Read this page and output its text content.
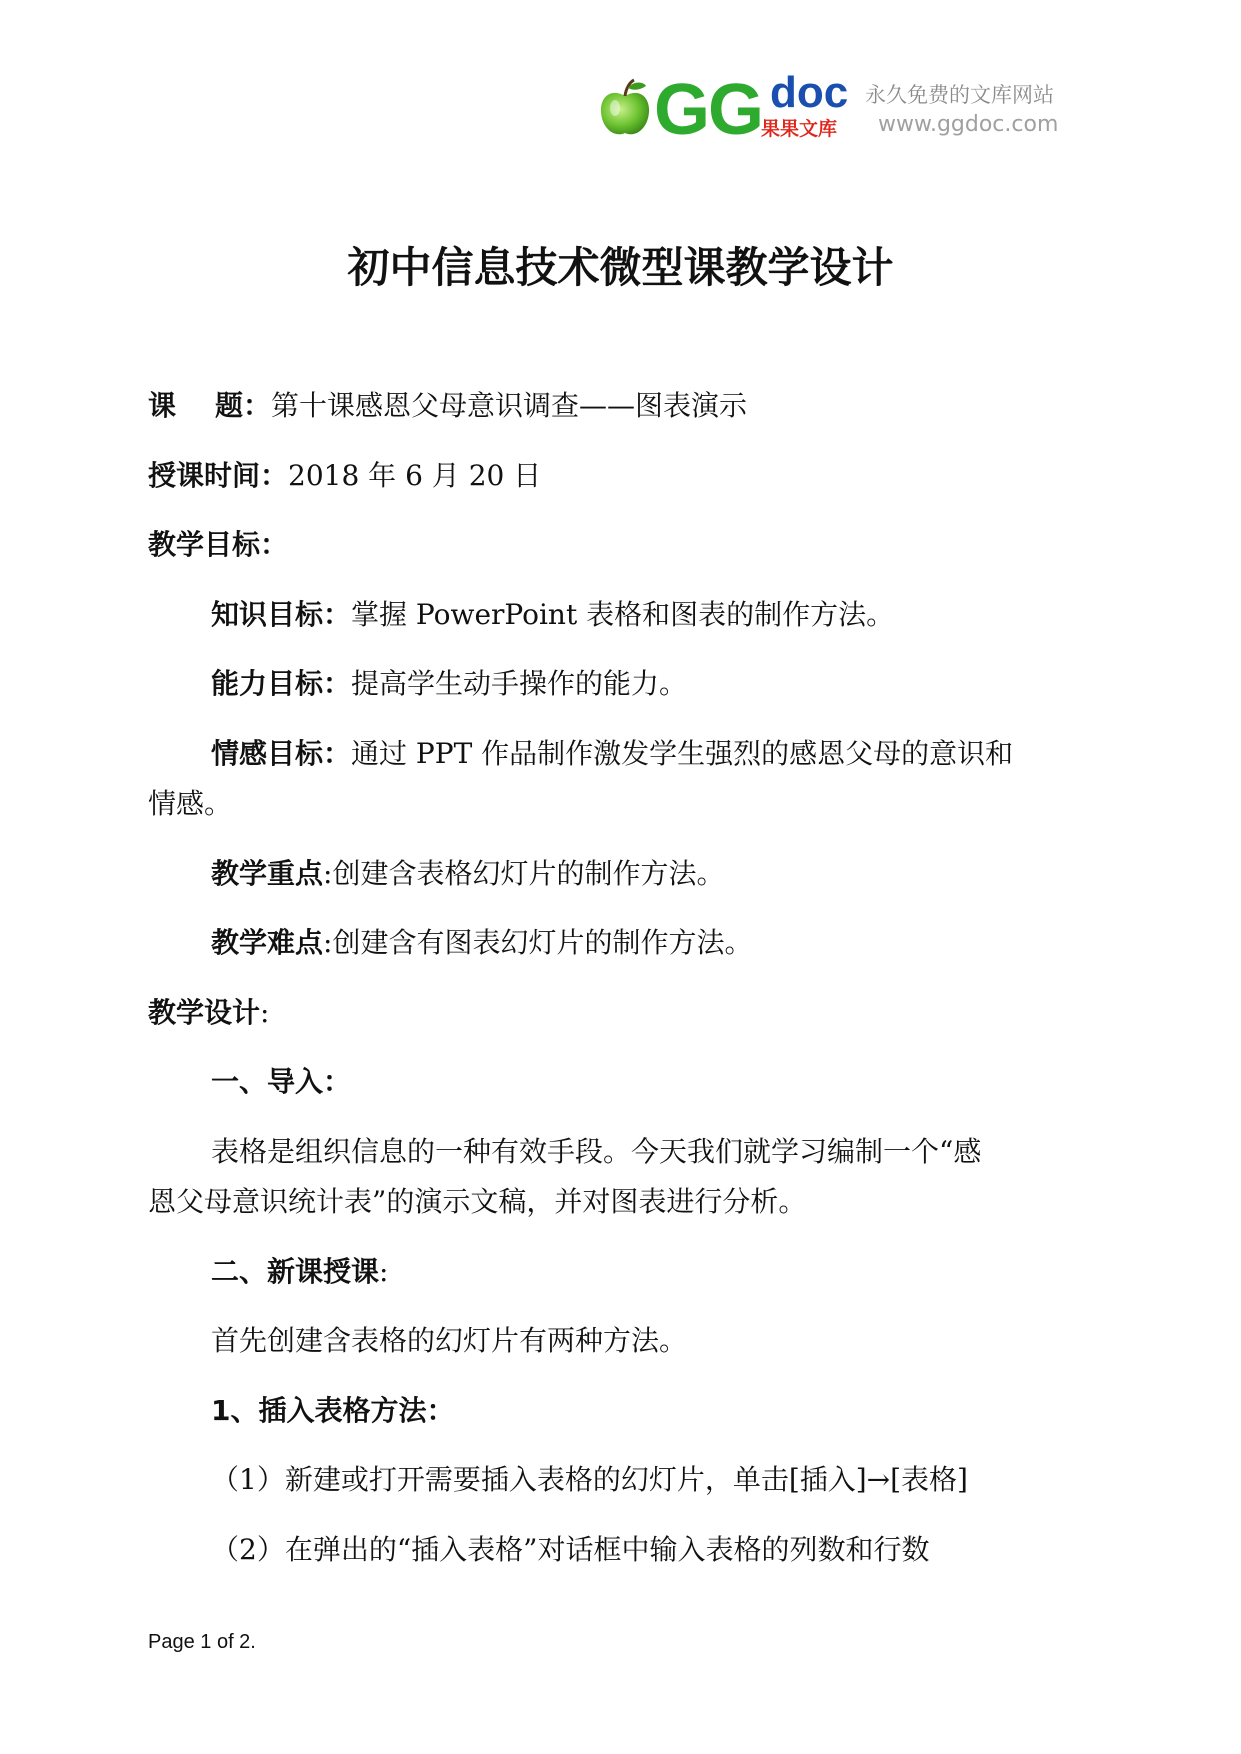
GG doc
果果文库
永久免费的文库网站
www.ggdoc.com
初中信息技术微型课教学设计
课    题：第十课感恩父母意识调查——图表演示
授课时间：2018 年 6 月 20 日
教学目标：
知识目标：掌握 PowerPoint 表格和图表的制作方法。
能力目标：提高学生动手操作的能力。
情感目标：通过 PPT 作品制作激发学生强烈的感恩父母的意识和
情感。
教学重点:创建含表格幻灯片的制作方法。
教学难点:创建含有图表幻灯片的制作方法。
教学设计:
一、导入：
表格是组织信息的一种有效手段。今天我们就学习编制一个“感
恩父母意识统计表”的演示文稿，并对图表进行分析。
二、新课授课:
首先创建含表格的幻灯片有两种方法。
1、插入表格方法：
（1）新建或打开需要插入表格的幻灯片，单击[插入]→[表格]
（2）在弹出的“插入表格”对话框中输入表格的列数和行数
Page 1 of 2.
